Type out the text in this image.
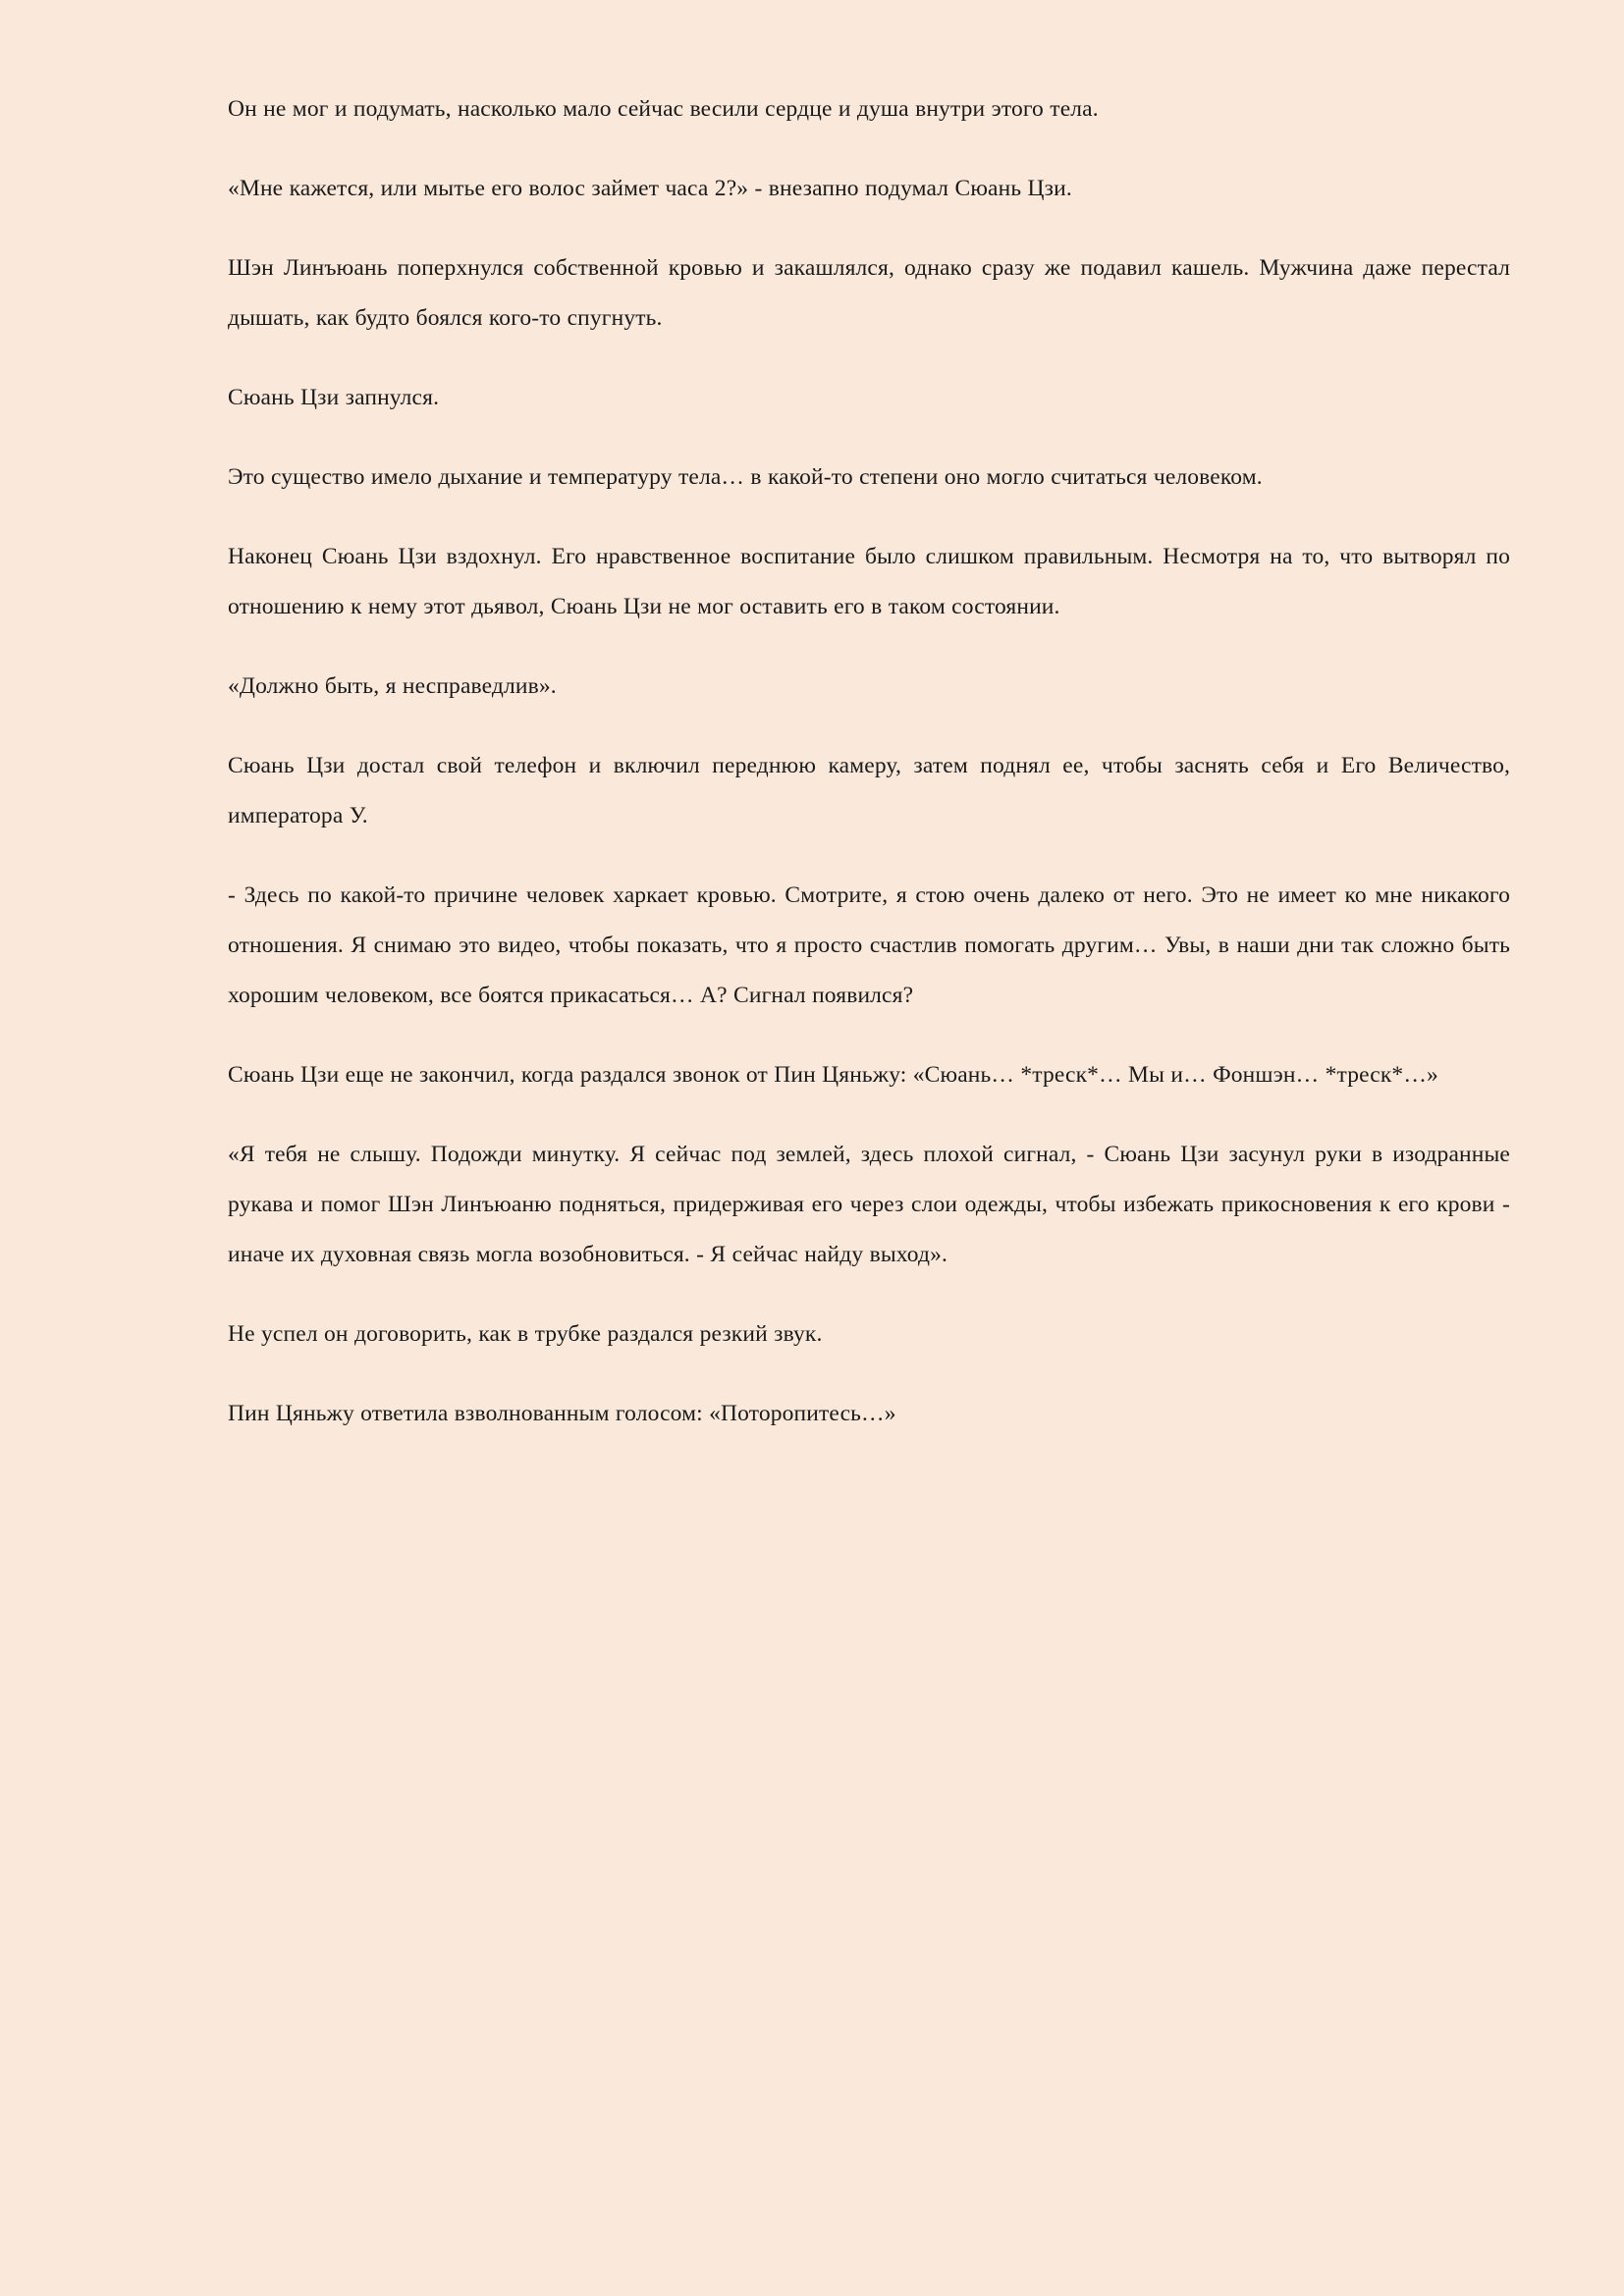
Он не мог и подумать, насколько мало сейчас весили сердце и душа внутри этого тела.

«Мне кажется, или мытье его волос займет часа 2?» - внезапно подумал Сюань Цзи.

Шэн Линъюань поперхнулся собственной кровью и закашлялся, однако сразу же подавил кашель. Мужчина даже перестал дышать, как будто боялся кого-то спугнуть.

Сюань Цзи запнулся.

Это существо имело дыхание и температуру тела… в какой-то степени оно могло считаться человеком.

Наконец Сюань Цзи вздохнул. Его нравственное воспитание было слишком правильным. Несмотря на то, что вытворял по отношению к нему этот дьявол, Сюань Цзи не мог оставить его в таком состоянии.

«Должно быть, я несправедлив».

Сюань Цзи достал свой телефон и включил переднюю камеру, затем поднял ее, чтобы заснять себя и Его Величество, императора У.

- Здесь по какой-то причине человек харкает кровью. Смотрите, я стою очень далеко от него. Это не имеет ко мне никакого отношения. Я снимаю это видео, чтобы показать, что я просто счастлив помогать другим… Увы, в наши дни так сложно быть хорошим человеком, все боятся прикасаться… А? Сигнал появился?

Сюань Цзи еще не закончил, когда раздался звонок от Пин Цяньжу: «Сюань… *треск*… Мы и… Фоншэн… *треск*…»

«Я тебя не слышу. Подожди минутку. Я сейчас под землей, здесь плохой сигнал, - Сюань Цзи засунул руки в изодранные рукава и помог Шэн Линъюаню подняться, придерживая его через слои одежды, чтобы избежать прикосновения к его крови - иначе их духовная связь могла возобновиться. - Я сейчас найду выход».

Не успел он договорить, как в трубке раздался резкий звук.

Пин Цяньжу ответила взволнованным голосом: «Поторопитесь…»
